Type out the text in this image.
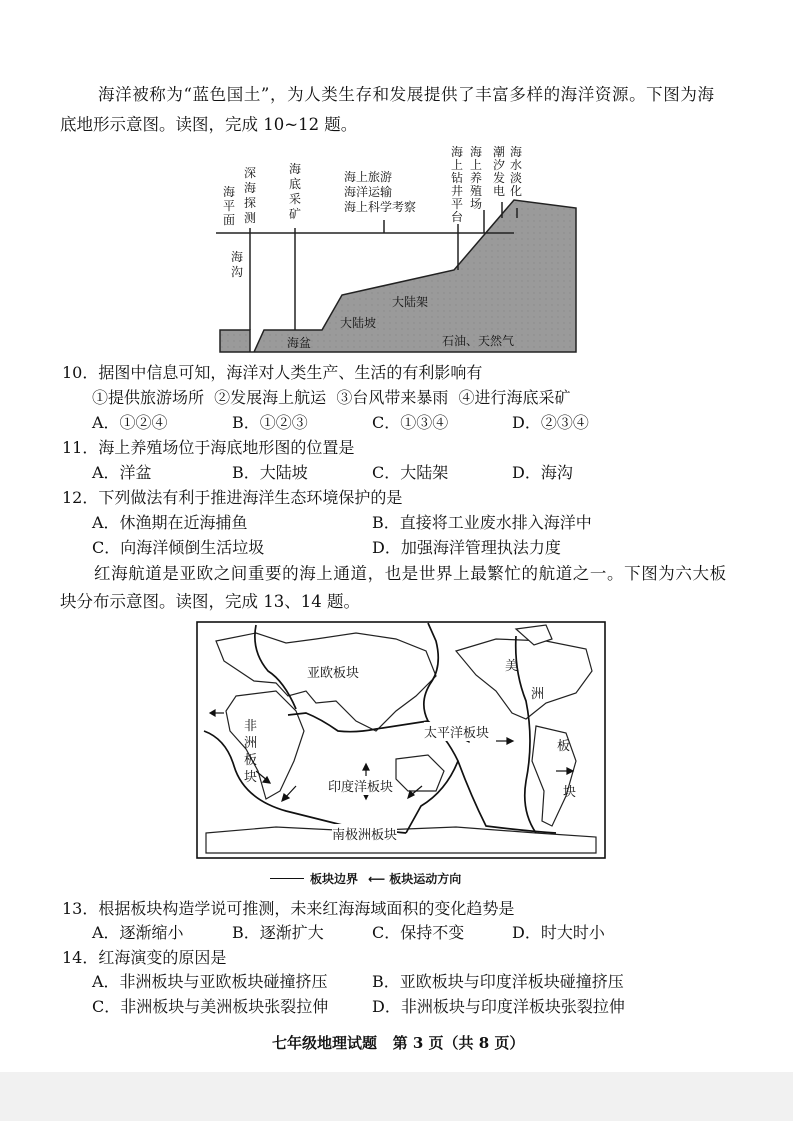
海洋被称为“蓝色国土”，为人类生存和发展提供了丰富多样的海洋资源。下图为海
底地形示意图。读图，完成 10~12 题。
海平面
深海探测
海底采矿
海上旅游
海洋运输
海上科学考察
海上钻井平台
海上养殖场
潮汐发电
海水淡化
海沟
海盆
大陆坡
大陆架
石油、天然气
10．据图中信息可知，海洋对人类生产、生活的有利影响有
①提供旅游场所  ②发展海上航运  ③台风带来暴雨  ④进行海底采矿
A．①②④	B．①②③	C．①③④	D．②③④
11．海上养殖场位于海底地形图的位置是
A．洋盆	B．大陆坡	C．大陆架	D．海沟
12．下列做法有利于推进海洋生态环境保护的是
A．休渔期在近海捕鱼	B．直接将工业废水排入海洋中
C．向海洋倾倒生活垃圾	D．加强海洋管理执法力度
红海航道是亚欧之间重要的海上通道，也是世界上最繁忙的航道之一。下图为六大板
块分布示意图。读图，完成 13、14 题。
亚欧板块
非
洲
板
块
太平洋板块
印度洋板块
南极洲板块
美
洲
板
块
板块边界 ⟵ 板块运动方向
13．根据板块构造学说可推测，未来红海海域面积的变化趋势是
A．逐渐缩小	B．逐渐扩大	C．保持不变	D．时大时小
14．红海演变的原因是
A．非洲板块与亚欧板块碰撞挤压	B．亚欧板块与印度洋板块碰撞挤压
C．非洲板块与美洲板块张裂拉伸	D．非洲板块与印度洋板块张裂拉伸
七年级地理试题   第 3 页（共 8 页）
